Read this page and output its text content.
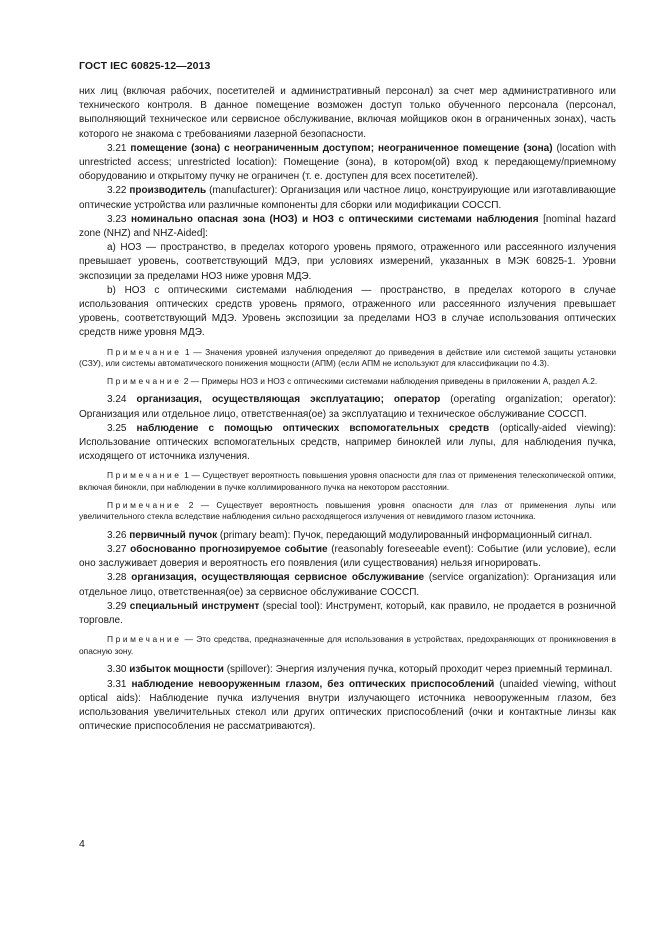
ГОСТ IEC 60825-12—2013

них лиц (включая рабочих, посетителей и административный персонал) за счет мер административного или технического контроля. В данное помещение возможен доступ только обученного персонала (персонал, выполняющий техническое или сервисное обслуживание, включая мойщиков окон в ограниченных зонах), часть которого не знакома с требованиями лазерной безопасности.

3.21 помещение (зона) с неограниченным доступом; неограниченное помещение (зона) (location with unrestricted access; unrestricted location): Помещение (зона), в котором(ой) вход к передающему/приемному оборудованию и открытому пучку не ограничен (т. е. доступен для всех посетителей).

3.22 производитель (manufacturer): Организация или частное лицо, конструирующие или изготавливающие оптические устройства или различные компоненты для сборки или модификации СОССП.

3.23 номинально опасная зона (НОЗ) и НОЗ с оптическими системами наблюдения [nominal hazard zone (NHZ) and NHZ-Aided]:

а) НОЗ — пространство, в пределах которого уровень прямого, отраженного или рассеянного излучения превышает уровень, соответствующий МДЭ, при условиях измерений, указанных в МЭК 60825-1. Уровни экспозиции за пределами НОЗ ниже уровня МДЭ.

b) НОЗ с оптическими системами наблюдения — пространство, в пределах которого в случае использования оптических средств уровень прямого, отраженного или рассеянного излучения превышает уровень, соответствующий МДЭ. Уровень экспозиции за пределами НОЗ в случае использования оптических средств ниже уровня МДЭ.

Примечание 1 — Значения уровней излучения определяют до приведения в действие или системой защиты установки (СЗУ), или системы автоматического понижения мощности (АПМ) (если АПМ не используют для классификации по 4.3).

Примечание 2 — Примеры НОЗ и НОЗ с оптическими системами наблюдения приведены в приложении А, раздел А.2.

3.24 организация, осуществляющая эксплуатацию; оператор (operating organization; operator): Организация или отдельное лицо, ответственная(ое) за эксплуатацию и техническое обслуживание СОССП.

3.25 наблюдение с помощью оптических вспомогательных средств (optically-aided viewing): Использование оптических вспомогательных средств, например биноклей или лупы, для наблюдения пучка, исходящего от источника излучения.

Примечание 1 — Существует вероятность повышения уровня опасности для глаз от применения телескопической оптики, включая бинокли, при наблюдении в пучке коллимированного пучка на некотором расстоянии.

Примечание 2 — Существует вероятность повышения уровня опасности для глаз от применения лупы или увеличительного стекла вследствие наблюдения сильно расходящегося излучения от невидимого глазом источника.

3.26 первичный пучок (primary beam): Пучок, передающий модулированный информационный сигнал.

3.27 обоснованно прогнозируемое событие (reasonably foreseeable event): Событие (или условие), если оно заслуживает доверия и вероятность его появления (или существования) нельзя игнорировать.

3.28 организация, осуществляющая сервисное обслуживание (service organization): Организация или отдельное лицо, ответственная(ое) за сервисное обслуживание СОССП.

3.29 специальный инструмент (special tool): Инструмент, который, как правило, не продается в розничной торговле.

Примечание — Это средства, предназначенные для использования в устройствах, предохраняющих от проникновения в опасную зону.

3.30 избыток мощности (spillover): Энергия излучения пучка, который проходит через приемный терминал.

3.31 наблюдение невооруженным глазом, без оптических приспособлений (unaided viewing, without optical aids): Наблюдение пучка излучения внутри излучающего источника невооруженным глазом, без использования увеличительных стекол или других оптических приспособлений (очки и контактные линзы как оптические приспособления не рассматриваются).

4
